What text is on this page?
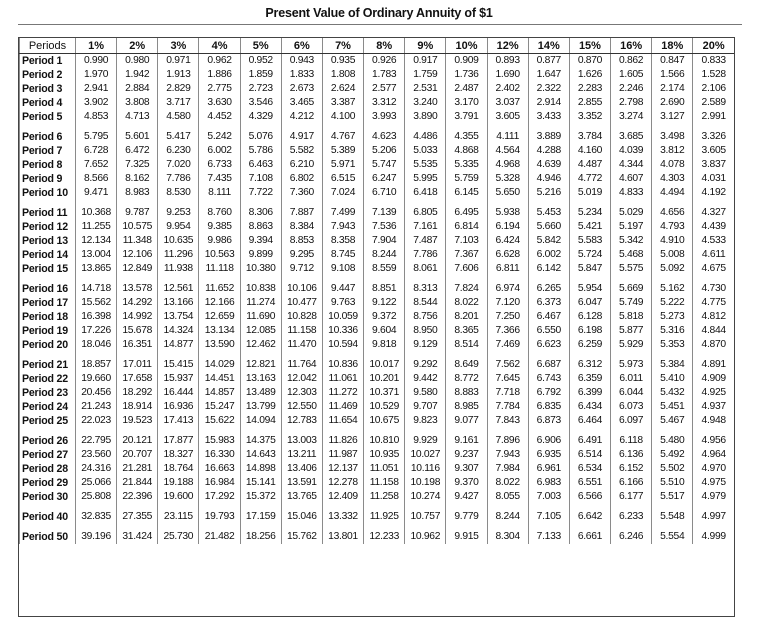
Present Value of Ordinary Annuity of $1
Periods	1%	2%	3%	4%	5%	6%	7%	8%	9%	10%	12%	14%	15%	16%	18%	20%
Period 1	0.990	0.980	0.971	0.962	0.952	0.943	0.935	0.926	0.917	0.909	0.893	0.877	0.870	0.862	0.847	0.833
Period 2	1.970	1.942	1.913	1.886	1.859	1.833	1.808	1.783	1.759	1.736	1.690	1.647	1.626	1.605	1.566	1.528
Period 3	2.941	2.884	2.829	2.775	2.723	2.673	2.624	2.577	2.531	2.487	2.402	2.322	2.283	2.246	2.174	2.106
Period 4	3.902	3.808	3.717	3.630	3.546	3.465	3.387	3.312	3.240	3.170	3.037	2.914	2.855	2.798	2.690	2.589
Period 5	4.853	4.713	4.580	4.452	4.329	4.212	4.100	3.993	3.890	3.791	3.605	3.433	3.352	3.274	3.127	2.991
Period 6	5.795	5.601	5.417	5.242	5.076	4.917	4.767	4.623	4.486	4.355	4.111	3.889	3.784	3.685	3.498	3.326
Period 7	6.728	6.472	6.230	6.002	5.786	5.582	5.389	5.206	5.033	4.868	4.564	4.288	4.160	4.039	3.812	3.605
Period 8	7.652	7.325	7.020	6.733	6.463	6.210	5.971	5.747	5.535	5.335	4.968	4.639	4.487	4.344	4.078	3.837
Period 9	8.566	8.162	7.786	7.435	7.108	6.802	6.515	6.247	5.995	5.759	5.328	4.946	4.772	4.607	4.303	4.031
Period 10	9.471	8.983	8.530	8.111	7.722	7.360	7.024	6.710	6.418	6.145	5.650	5.216	5.019	4.833	4.494	4.192
Period 11	10.368	9.787	9.253	8.760	8.306	7.887	7.499	7.139	6.805	6.495	5.938	5.453	5.234	5.029	4.656	4.327
Period 12	11.255	10.575	9.954	9.385	8.863	8.384	7.943	7.536	7.161	6.814	6.194	5.660	5.421	5.197	4.793	4.439
Period 13	12.134	11.348	10.635	9.986	9.394	8.853	8.358	7.904	7.487	7.103	6.424	5.842	5.583	5.342	4.910	4.533
Period 14	13.004	12.106	11.296	10.563	9.899	9.295	8.745	8.244	7.786	7.367	6.628	6.002	5.724	5.468	5.008	4.611
Period 15	13.865	12.849	11.938	11.118	10.380	9.712	9.108	8.559	8.061	7.606	6.811	6.142	5.847	5.575	5.092	4.675
Period 16	14.718	13.578	12.561	11.652	10.838	10.106	9.447	8.851	8.313	7.824	6.974	6.265	5.954	5.669	5.162	4.730
Period 17	15.562	14.292	13.166	12.166	11.274	10.477	9.763	9.122	8.544	8.022	7.120	6.373	6.047	5.749	5.222	4.775
Period 18	16.398	14.992	13.754	12.659	11.690	10.828	10.059	9.372	8.756	8.201	7.250	6.467	6.128	5.818	5.273	4.812
Period 19	17.226	15.678	14.324	13.134	12.085	11.158	10.336	9.604	8.950	8.365	7.366	6.550	6.198	5.877	5.316	4.844
Period 20	18.046	16.351	14.877	13.590	12.462	11.470	10.594	9.818	9.129	8.514	7.469	6.623	6.259	5.929	5.353	4.870
Period 21	18.857	17.011	15.415	14.029	12.821	11.764	10.836	10.017	9.292	8.649	7.562	6.687	6.312	5.973	5.384	4.891
Period 22	19.660	17.658	15.937	14.451	13.163	12.042	11.061	10.201	9.442	8.772	7.645	6.743	6.359	6.011	5.410	4.909
Period 23	20.456	18.292	16.444	14.857	13.489	12.303	11.272	10.371	9.580	8.883	7.718	6.792	6.399	6.044	5.432	4.925
Period 24	21.243	18.914	16.936	15.247	13.799	12.550	11.469	10.529	9.707	8.985	7.784	6.835	6.434	6.073	5.451	4.937
Period 25	22.023	19.523	17.413	15.622	14.094	12.783	11.654	10.675	9.823	9.077	7.843	6.873	6.464	6.097	5.467	4.948
Period 26	22.795	20.121	17.877	15.983	14.375	13.003	11.826	10.810	9.929	9.161	7.896	6.906	6.491	6.118	5.480	4.956
Period 27	23.560	20.707	18.327	16.330	14.643	13.211	11.987	10.935	10.027	9.237	7.943	6.935	6.514	6.136	5.492	4.964
Period 28	24.316	21.281	18.764	16.663	14.898	13.406	12.137	11.051	10.116	9.307	7.984	6.961	6.534	6.152	5.502	4.970
Period 29	25.066	21.844	19.188	16.984	15.141	13.591	12.278	11.158	10.198	9.370	8.022	6.983	6.551	6.166	5.510	4.975
Period 30	25.808	22.396	19.600	17.292	15.372	13.765	12.409	11.258	10.274	9.427	8.055	7.003	6.566	6.177	5.517	4.979
Period 40	32.835	27.355	23.115	19.793	17.159	15.046	13.332	11.925	10.757	9.779	8.244	7.105	6.642	6.233	5.548	4.997
Period 50	39.196	31.424	25.730	21.482	18.256	15.762	13.801	12.233	10.962	9.915	8.304	7.133	6.661	6.246	5.554	4.999
